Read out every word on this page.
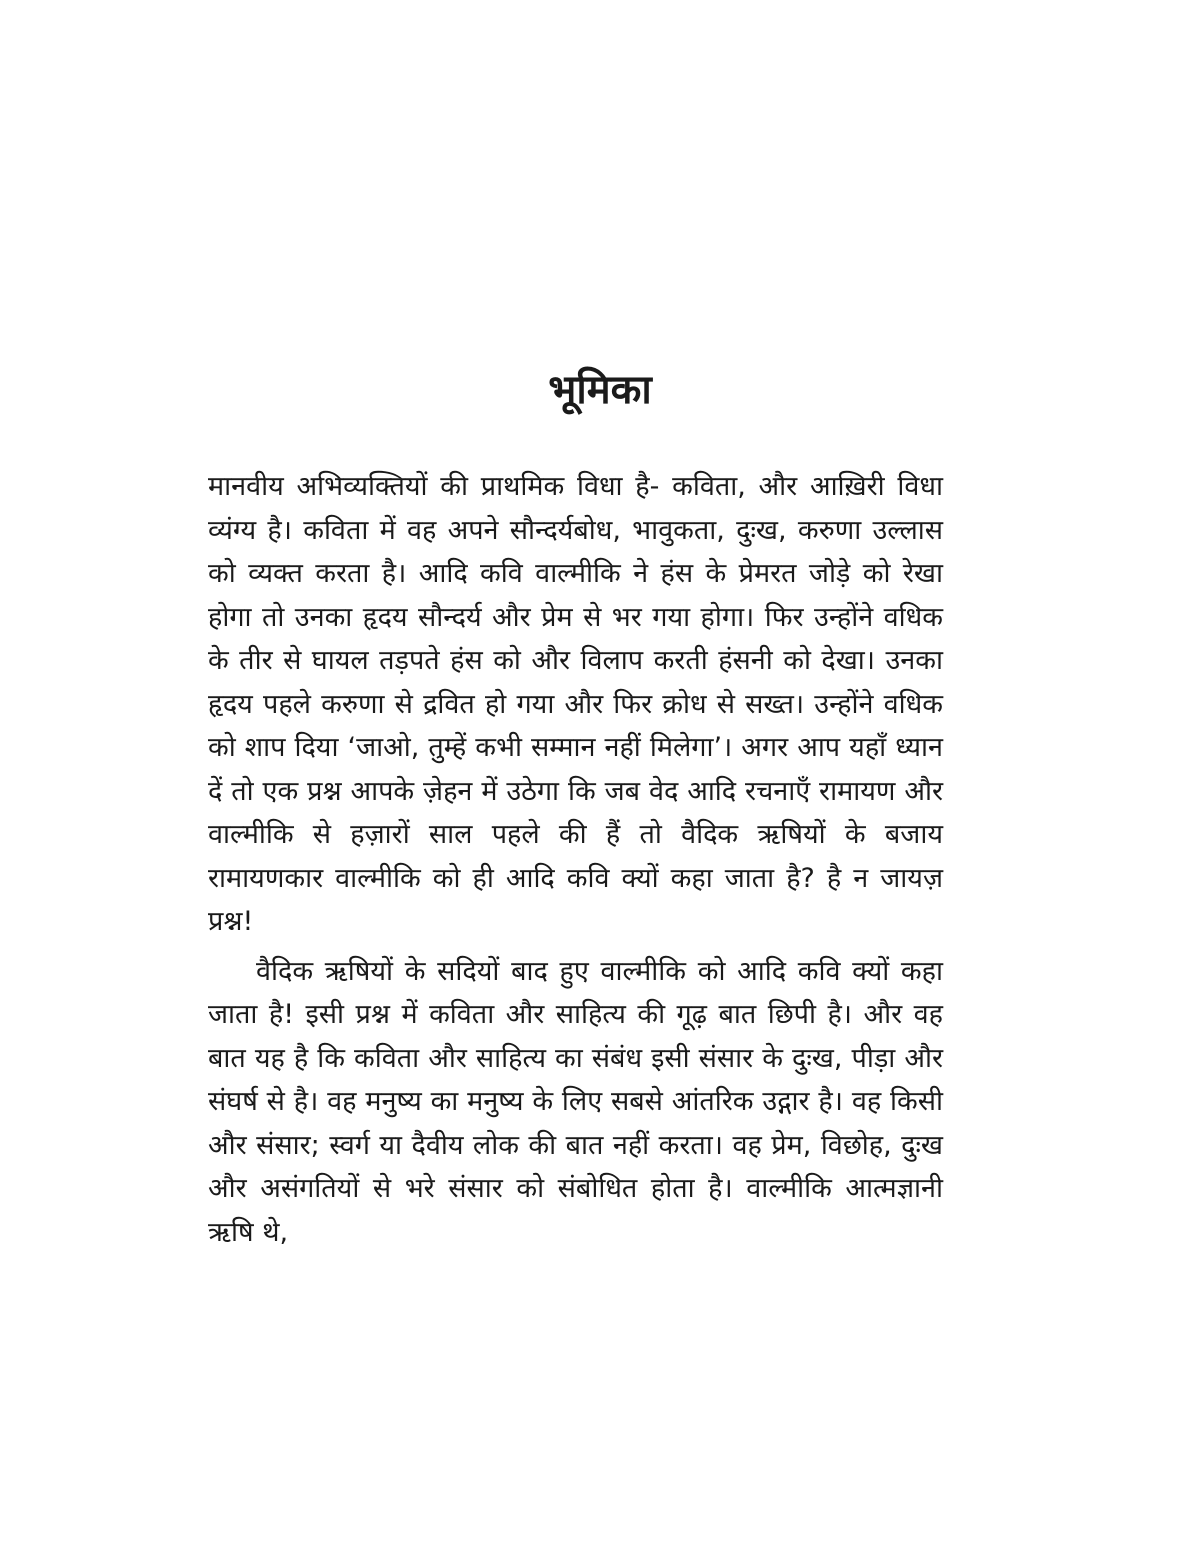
भूमिका

मानवीय अभिव्यक्तियों की प्राथमिक विधा है- कविता, और आख़िरी विधा व्यंग्य है। कविता में वह अपने सौन्दर्यबोध, भावुकता, दुःख, करुणा उल्लास को व्यक्त करता है। आदि कवि वाल्मीकि ने हंस के प्रेमरत जोड़े को रेखा होगा तो उनका हृदय सौन्दर्य और प्रेम से भर गया होगा। फिर उन्होंने वधिक के तीर से घायल तड़पते हंस को और विलाप करती हंसनी को देखा। उनका हृदय पहले करुणा से द्रवित हो गया और फिर क्रोध से सख्त। उन्होंने वधिक को शाप दिया ‘जाओ, तुम्हें कभी सम्मान नहीं मिलेगा’। अगर आप यहाँ ध्यान दें तो एक प्रश्न आपके ज़ेहन में उठेगा कि जब वेद आदि रचनाएँ रामायण और वाल्मीकि से हज़ारों साल पहले की हैं तो वैदिक ऋषियों के बजाय रामायणकार वाल्मीकि को ही आदि कवि क्यों कहा जाता है? है न जायज़ प्रश्न!

वैदिक ऋषियों के सदियों बाद हुए वाल्मीकि को आदि कवि क्यों कहा जाता है! इसी प्रश्न में कविता और साहित्य की गूढ़ बात छिपी है। और वह बात यह है कि कविता और साहित्य का संबंध इसी संसार के दुःख, पीड़ा और संघर्ष से है। वह मनुष्य का मनुष्य के लिए सबसे आंतरिक उद्गार है। वह किसी और संसार; स्वर्ग या दैवीय लोक की बात नहीं करता। वह प्रेम, विछोह, दुःख और असंगतियों से भरे संसार को संबोधित होता है। वाल्मीकि आत्मज्ञानी ऋषि थे,
